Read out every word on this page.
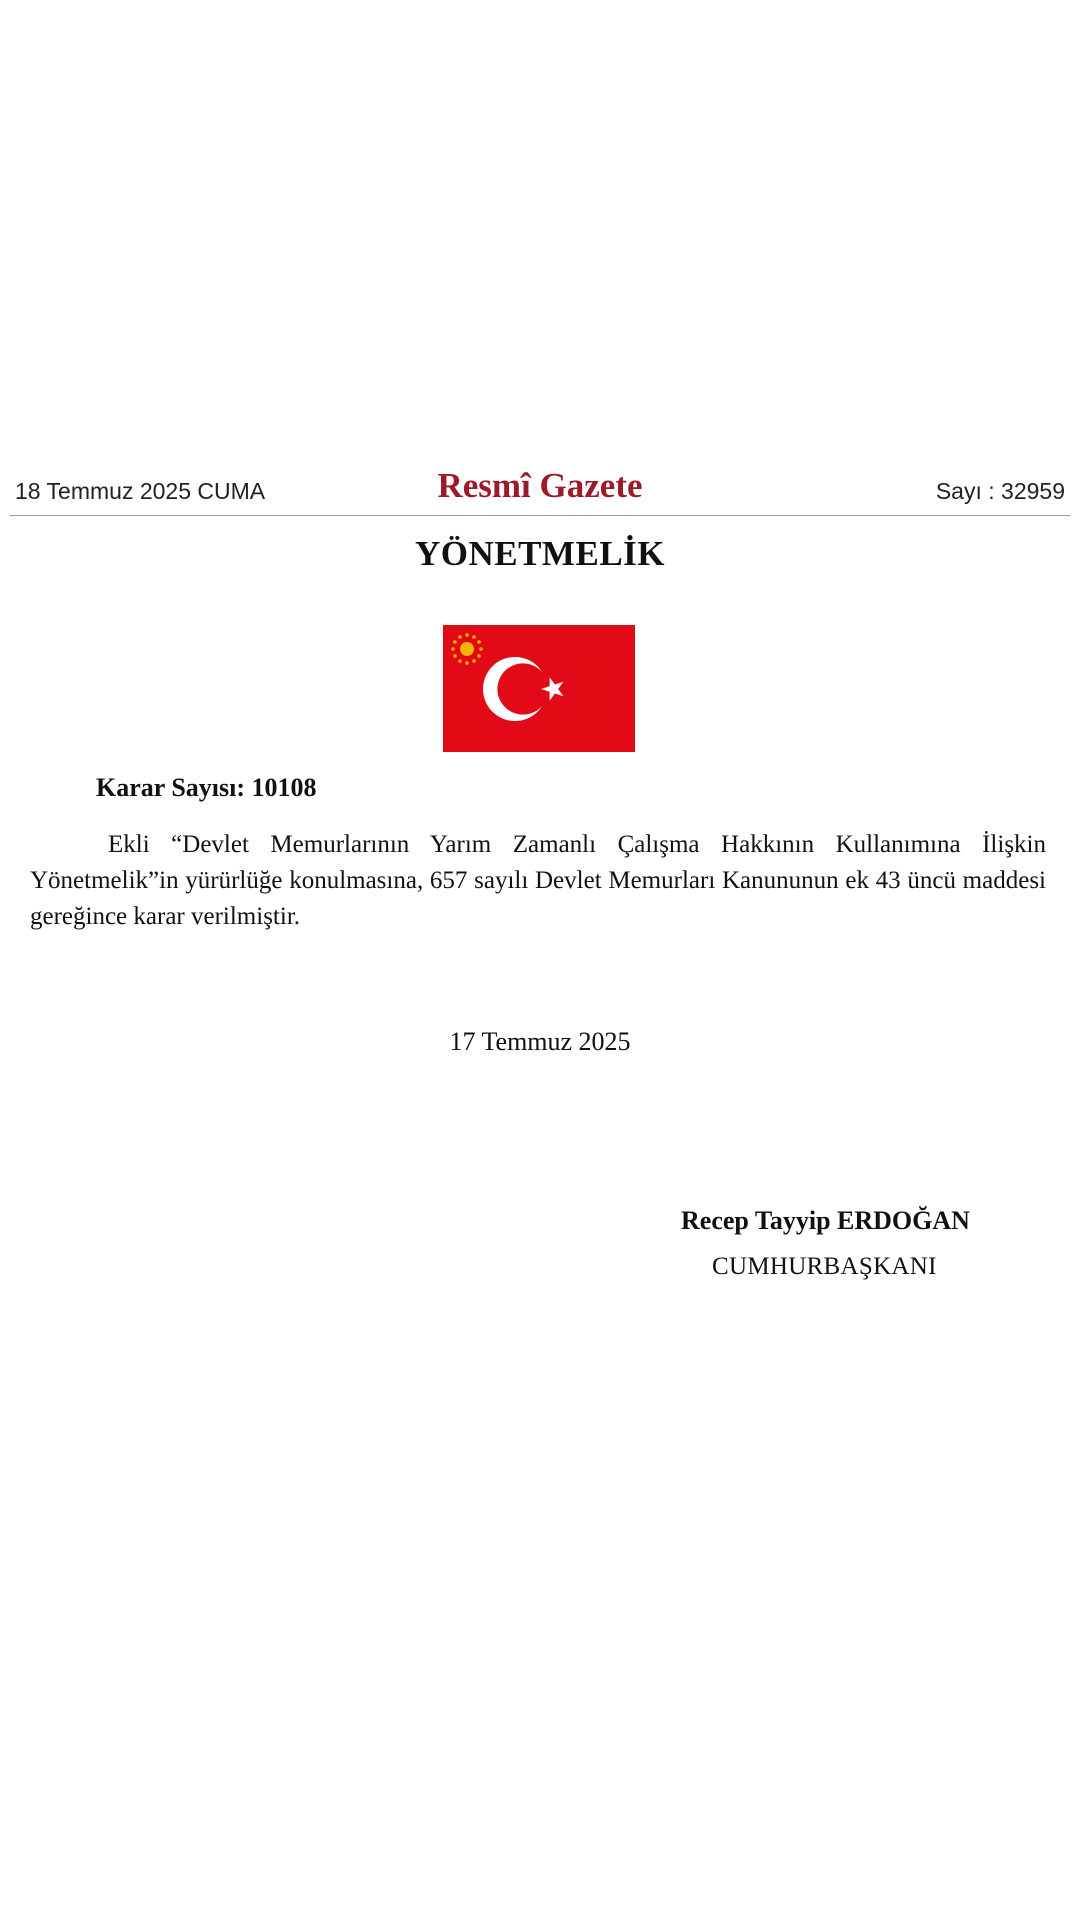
18 Temmuz 2025 CUMA	Resmî Gazete	Sayı : 32959
YÖNETMELİK
Karar Sayısı: 10108
Ekli “Devlet Memurlarının Yarım Zamanlı Çalışma Hakkının Kullanımına İlişkin Yönetmelik”in yürürlüğe konulmasına, 657 sayılı Devlet Memurları Kanununun ek 43 üncü maddesi gereğince karar verilmiştir.
17 Temmuz 2025
Recep Tayyip ERDOĞAN
CUMHURBAŞKANI
